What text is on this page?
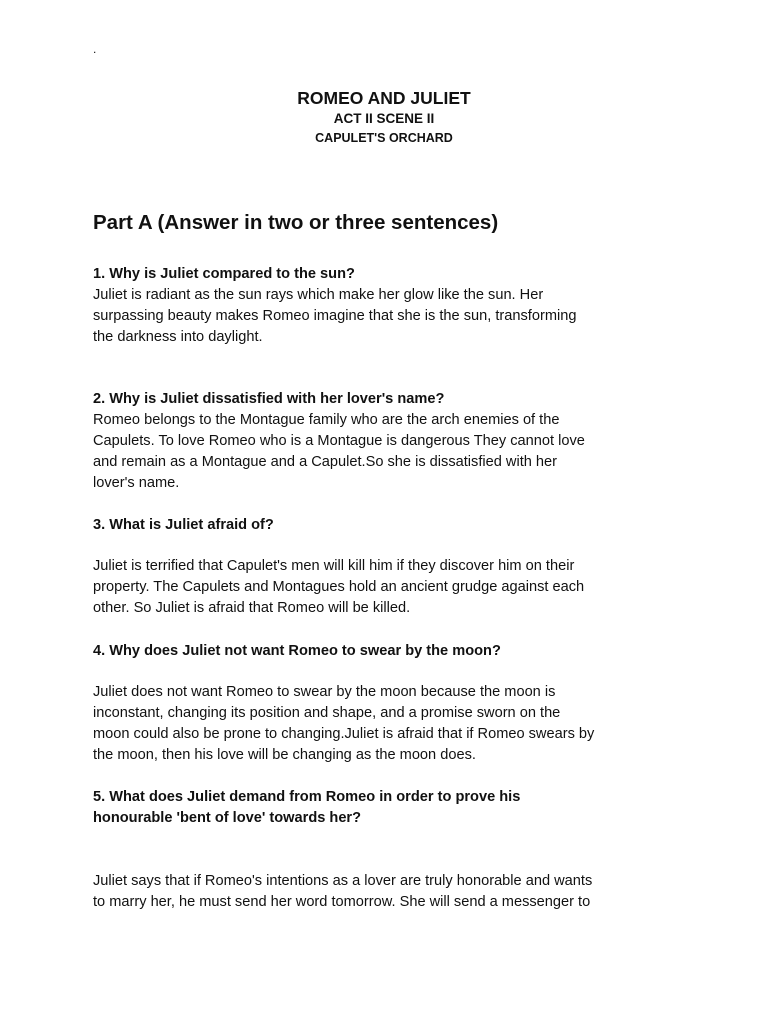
.
ROMEO AND JULIET
ACT II SCENE II
CAPULET'S ORCHARD
Part A (Answer in two or three sentences)
1. Why is Juliet compared to the sun?
Juliet is radiant as the sun rays which make her glow like the sun. Her
surpassing beauty makes Romeo imagine that she is the sun, transforming
the darkness into daylight.
2. Why is Juliet dissatisfied with her lover's name?
Romeo belongs to the Montague family who are the arch enemies of the
Capulets. To love Romeo who is a Montague is dangerous They cannot love
and remain as a Montague and a Capulet.So she is dissatisfied with her
lover's name.
3. What is Juliet afraid of?
Juliet is terrified that Capulet's men will kill him if they discover him on their
property. The Capulets and Montagues hold an ancient grudge against each
other. So Juliet is afraid that Romeo will be killed.
4. Why does Juliet not want Romeo to swear by the moon?
Juliet does not want Romeo to swear by the moon because the moon is
inconstant, changing its position and shape, and a promise sworn on the
moon could also be prone to changing.Juliet is afraid that if Romeo swears by
the moon, then his love will be changing as the moon does.
5. What does Juliet demand from Romeo in order to prove his
honourable 'bent of love' towards her?
Juliet says that if Romeo's intentions as a lover are truly honorable and wants
to marry her, he must send her word tomorrow. She will send a messenger to
